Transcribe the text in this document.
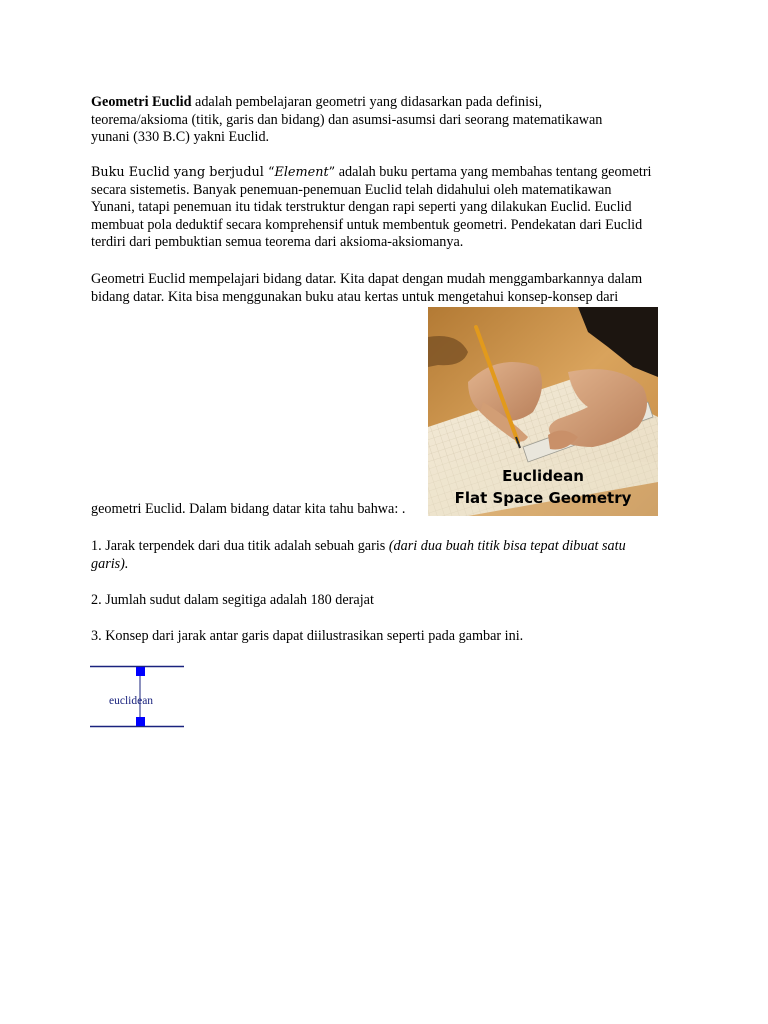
Geometri Euclid adalah pembelajaran geometri yang didasarkan pada definisi,
teorema/aksioma (titik, garis dan bidang) dan asumsi-asumsi dari seorang matematikawan
yunani (330 B.C) yakni Euclid.

Buku Euclid yang berjudul “Element” adalah buku pertama yang membahas tentang geometri
secara sistemetis. Banyak penemuan-penemuan Euclid telah didahului oleh matematikawan
Yunani, tatapi penemuan itu tidak terstruktur dengan rapi seperti yang dilakukan Euclid. Euclid
membuat pola deduktif secara komprehensif untuk membentuk geometri. Pendekatan dari Euclid
terdiri dari pembuktian semua teorema dari aksioma-aksiomanya.

Geometri Euclid mempelajari bidang datar. Kita dapat dengan mudah menggambarkannya dalam
bidang datar. Kita bisa menggunakan buku atau kertas untuk mengetahui konsep-konsep dari

geometri Euclid. Dalam bidang datar kita tahu bahwa: .

Euclidean
Flat Space Geometry

1. Jarak terpendek dari dua titik adalah sebuah garis (dari dua buah titik bisa tepat dibuat satu
garis).

2. Jumlah sudut dalam segitiga adalah 180 derajat

3. Konsep dari jarak antar garis dapat diilustrasikan seperti pada gambar ini.

euclidean
